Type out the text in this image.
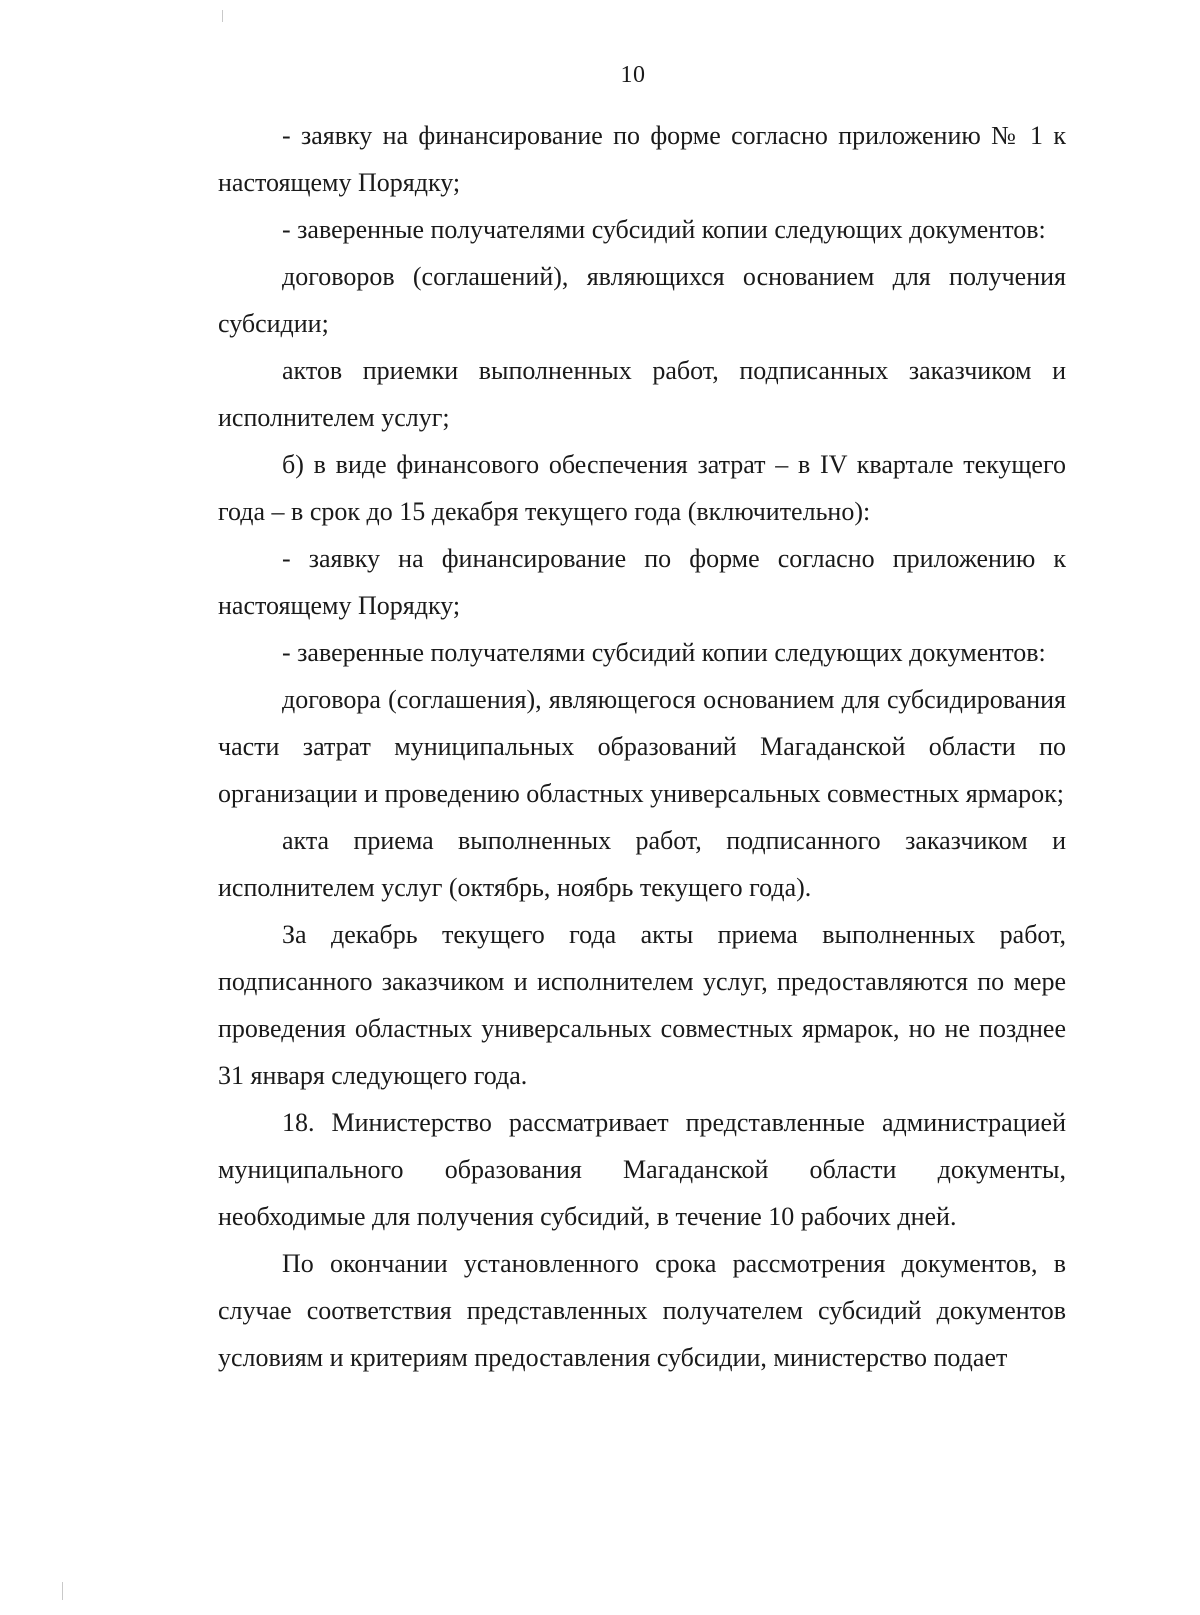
10

- заявку на финансирование по форме согласно приложению № 1 к настоящему Порядку;

- заверенные получателями субсидий копии следующих документов:

договоров (соглашений), являющихся основанием для получения субсидии;

актов приемки выполненных работ, подписанных заказчиком и исполнителем услуг;

б) в виде финансового обеспечения затрат – в IV квартале текущего года – в срок до 15 декабря текущего года (включительно):

- заявку на финансирование по форме согласно приложению к настоящему Порядку;

- заверенные получателями субсидий копии следующих документов:

договора (соглашения), являющегося основанием для субсидирования части затрат муниципальных образований Магаданской области по организации и проведению областных универсальных совместных ярмарок;

акта приема выполненных работ, подписанного заказчиком и исполнителем услуг (октябрь, ноябрь текущего года).

За декабрь текущего года акты приема выполненных работ, подписанного заказчиком и исполнителем услуг, предоставляются по мере проведения областных универсальных совместных ярмарок, но не позднее 31 января следующего года.

18. Министерство рассматривает представленные администрацией муниципального образования Магаданской области документы, необходимые для получения субсидий, в течение 10 рабочих дней.

По окончании установленного срока рассмотрения документов, в случае соответствия представленных получателем субсидий документов условиям и критериям предоставления субсидии, министерство подает
